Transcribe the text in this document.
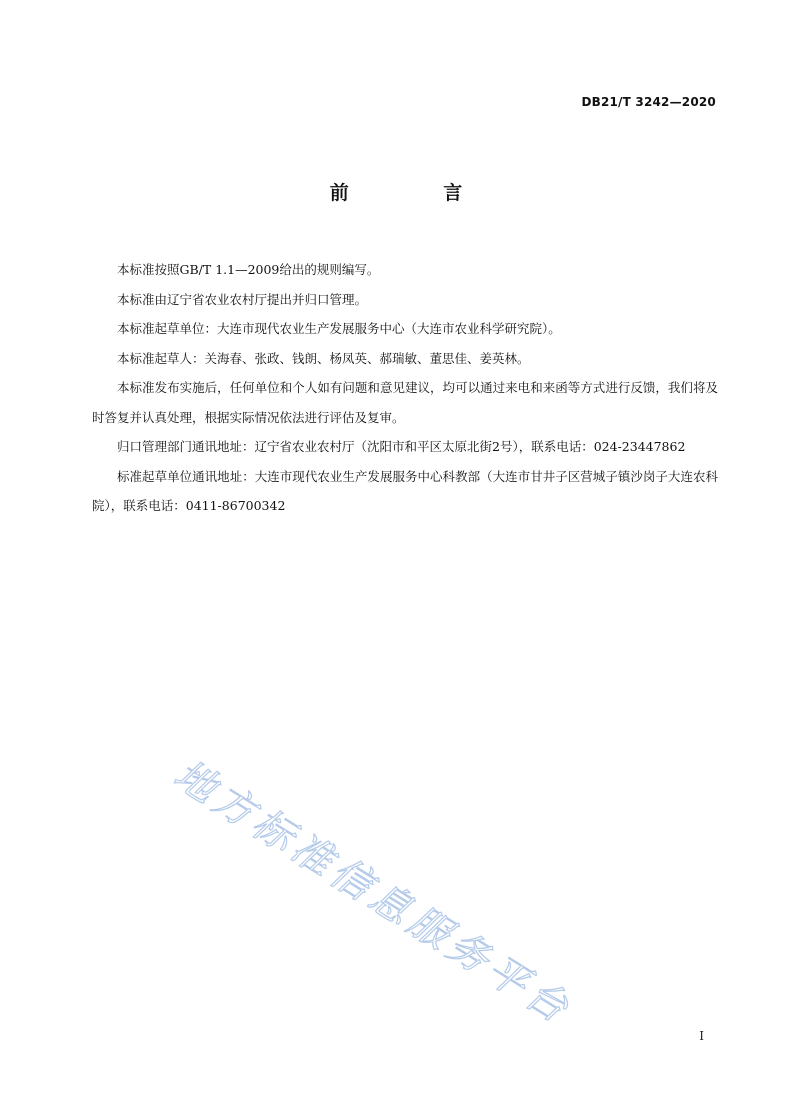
DB21/T 3242—2020
前 言

本标准按照GB/T 1.1—2009给出的规则编写。

本标准由辽宁省农业农村厅提出并归口管理。

本标准起草单位：大连市现代农业生产发展服务中心（大连市农业科学研究院）。

本标准起草人：关海春、张政、钱朗、杨凤英、郝瑞敏、董思佳、姜英林。

本标准发布实施后，任何单位和个人如有问题和意见建议，均可以通过来电和来函等方式进行反馈，我们将及时答复并认真处理，根据实际情况依法进行评估及复审。

归口管理部门通讯地址：辽宁省农业农村厅（沈阳市和平区太原北街2号），联系电话：024-23447862

标准起草单位通讯地址：大连市现代农业生产发展服务中心科教部（大连市甘井子区营城子镇沙岗子大连农科院），联系电话：0411-86700342

地方标准信息服务平台
I
